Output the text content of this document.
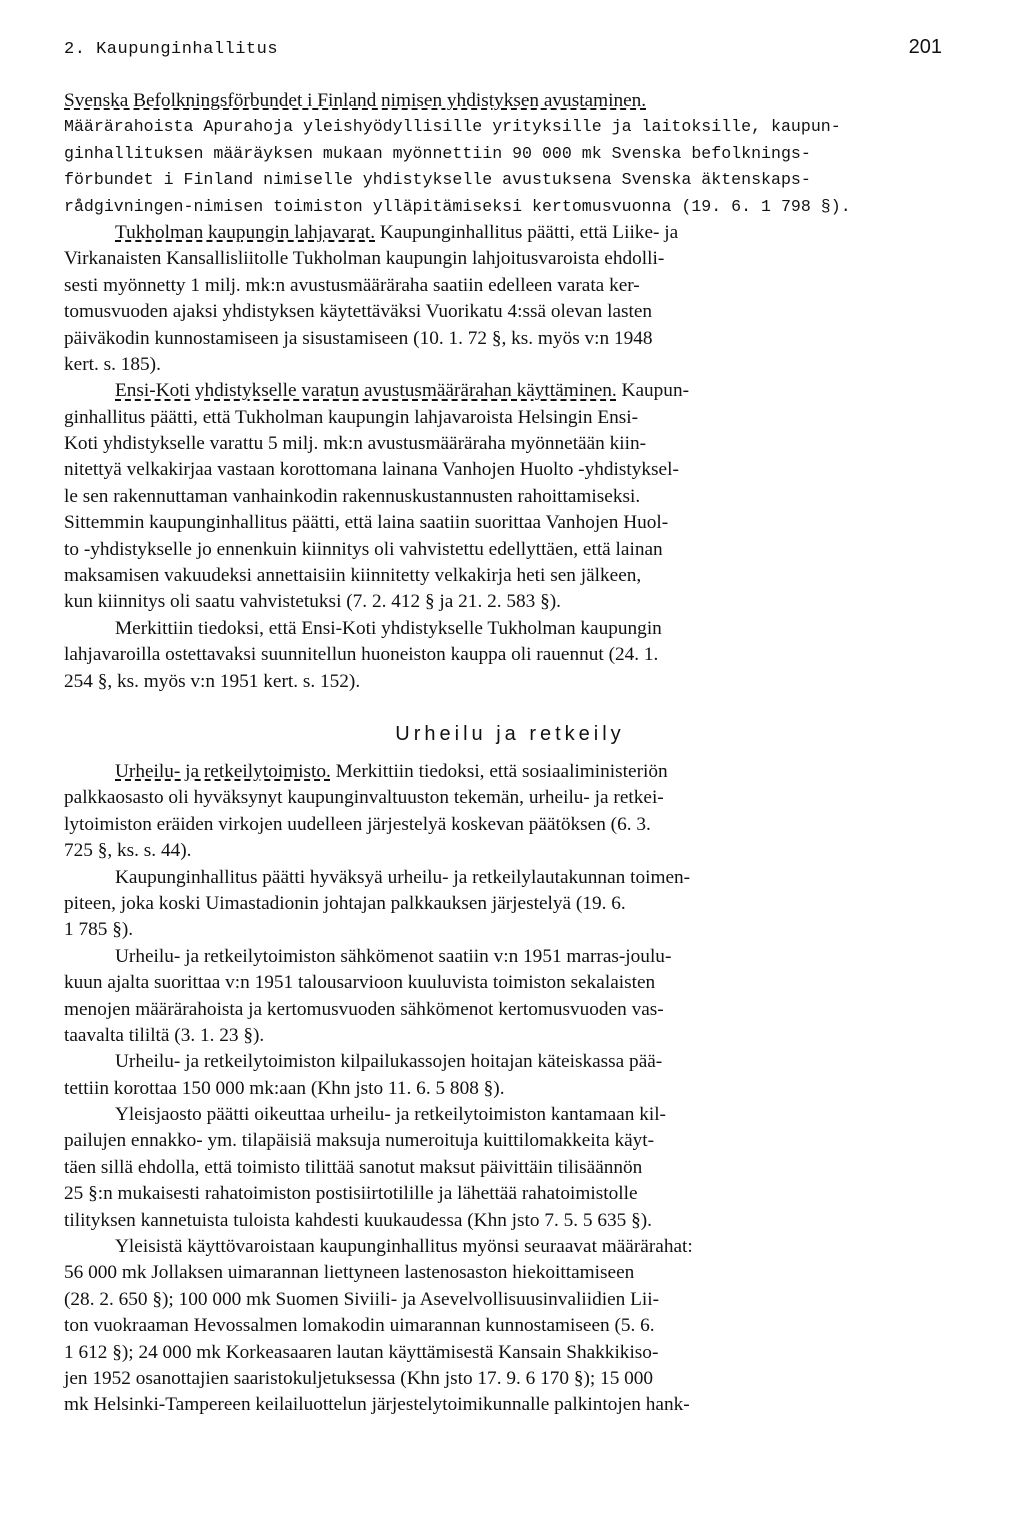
2. Kaupunginhallitus	201
Svenska Befolkningsförbundet i Finland nimisen yhdistyksen avustaminen.
Määrärahoista Apurahoja yleishyödyllisille yrityksille ja laitoksille, kaupun-
ginhallituksen määräyksen mukaan myönnettiin 90 000 mk Svenska befolknings-
förbundet i Finland nimiselle yhdistykselle avustuksena Svenska äktenskaps-
rådgivningen-nimisen toimiston ylläpitämiseksi kertomusvuonna (19. 6. 1 798 §).
Tukholman kaupungin lahjavarat. Kaupunginhallitus päätti, että Liike- ja
Virkanaisten Kansallisliitolle Tukholman kaupungin lahjoitusvaroista ehdolli-
sesti myönnetty 1 milj. mk:n avustusmääräraha saatiin edelleen varata ker-
tomusvuoden ajaksi yhdistyksen käytettäväksi Vuorikatu 4:ssä olevan lasten
päiväkodin kunnostamiseen ja sisustamiseen (10. 1. 72 §, ks. myös v:n 1948
kert. s. 185).
Ensi-Koti yhdistykselle varatun avustusmäärärahan käyttäminen. Kaupun-
ginhallitus päätti, että Tukholman kaupungin lahjavaroista Helsingin Ensi-
Koti yhdistykselle varattu 5 milj. mk:n avustusmääräraha myönnetään kiin-
nitettyä velkakirjaa vastaan korottomana lainana Vanhojen Huolto -yhdistyksel-
le sen rakennuttaman vanhainkodin rakennuskustannusten rahoittamiseksi.
Sittemmin kaupunginhallitus päätti, että laina saatiin suorittaa Vanhojen Huol-
to -yhdistykselle jo ennenkuin kiinnitys oli vahvistettu edellyttäen, että lainan
maksamisen vakuudeksi annettaisiin kiinnitetty velkakirja heti sen jälkeen,
kun kiinnitys oli saatu vahvistetuksi (7. 2. 412 § ja 21. 2. 583 §).
Merkittiin tiedoksi, että Ensi-Koti yhdistykselle Tukholman kaupungin
lahjavaroilla ostettavaksi suunnitellun huoneiston kauppa oli rauennut (24. 1.
254 §, ks. myös v:n 1951 kert. s. 152).
Urheilu ja retkeily
Urheilu- ja retkeilytoimisto. Merkittiin tiedoksi, että sosiaaliministeriön
palkkaosasto oli hyväksynyt kaupunginvaltuuston tekemän, urheilu- ja retkei-
lytoimiston eräiden virkojen uudelleen järjestelyä koskevan päätöksen (6. 3.
725 §, ks. s. 44).
Kaupunginhallitus päätti hyväksyä urheilu- ja retkeilylautakunnan toimen-
piteen, joka koski Uimastadionin johtajan palkkauksen järjestelyä (19. 6.
1 785 §).
Urheilu- ja retkeilytoimiston sähkömenot saatiin v:n 1951 marras-joulu-
kuun ajalta suorittaa v:n 1951 talousarvioon kuuluvista toimiston sekalaisten
menojen määrärahoista ja kertomusvuoden sähkömenot kertomusvuoden vas-
taavalta tililtä (3. 1. 23 §).
Urheilu- ja retkeilytoimiston kilpailukassojen hoitajan käteiskassa pää-
tettiin korottaa 150 000 mk:aan (Khn jsto 11. 6. 5 808 §).
Yleisjaosto päätti oikeuttaa urheilu- ja retkeilytoimiston kantamaan kil-
pailujen ennakko- ym. tilapäisiä maksuja numeroituja kuittilomakkeita käyt-
täen sillä ehdolla, että toimisto tilittää sanotut maksut päivittäin tilisäännön
25 §:n mukaisesti rahatoimiston postisiirtotilille ja lähettää rahatoimistolle
tilityksen kannetuista tuloista kahdesti kuukaudessa (Khn jsto 7. 5. 5 635 §).
Yleisistä käyttövaroistaan kaupunginhallitus myönsi seuraavat määrärahat:
56 000 mk Jollaksen uimarannan liettyneen lastenosaston hiekoittamiseen
(28. 2. 650 §); 100 000 mk Suomen Siviili- ja Asevelvollisuusinvaliidien Lii-
ton vuokraaman Hevossalmen lomakodin uimarannan kunnostamiseen (5. 6.
1 612 §); 24 000 mk Korkeasaaren lautan käyttämisestä Kansain Shakkikiso-
jen 1952 osanottajien saaristokuljetuksessa (Khn jsto 17. 9. 6 170 §); 15 000
mk Helsinki-Tampereen keilailuottelun järjestelytoimikunnalle palkintojen hank-
